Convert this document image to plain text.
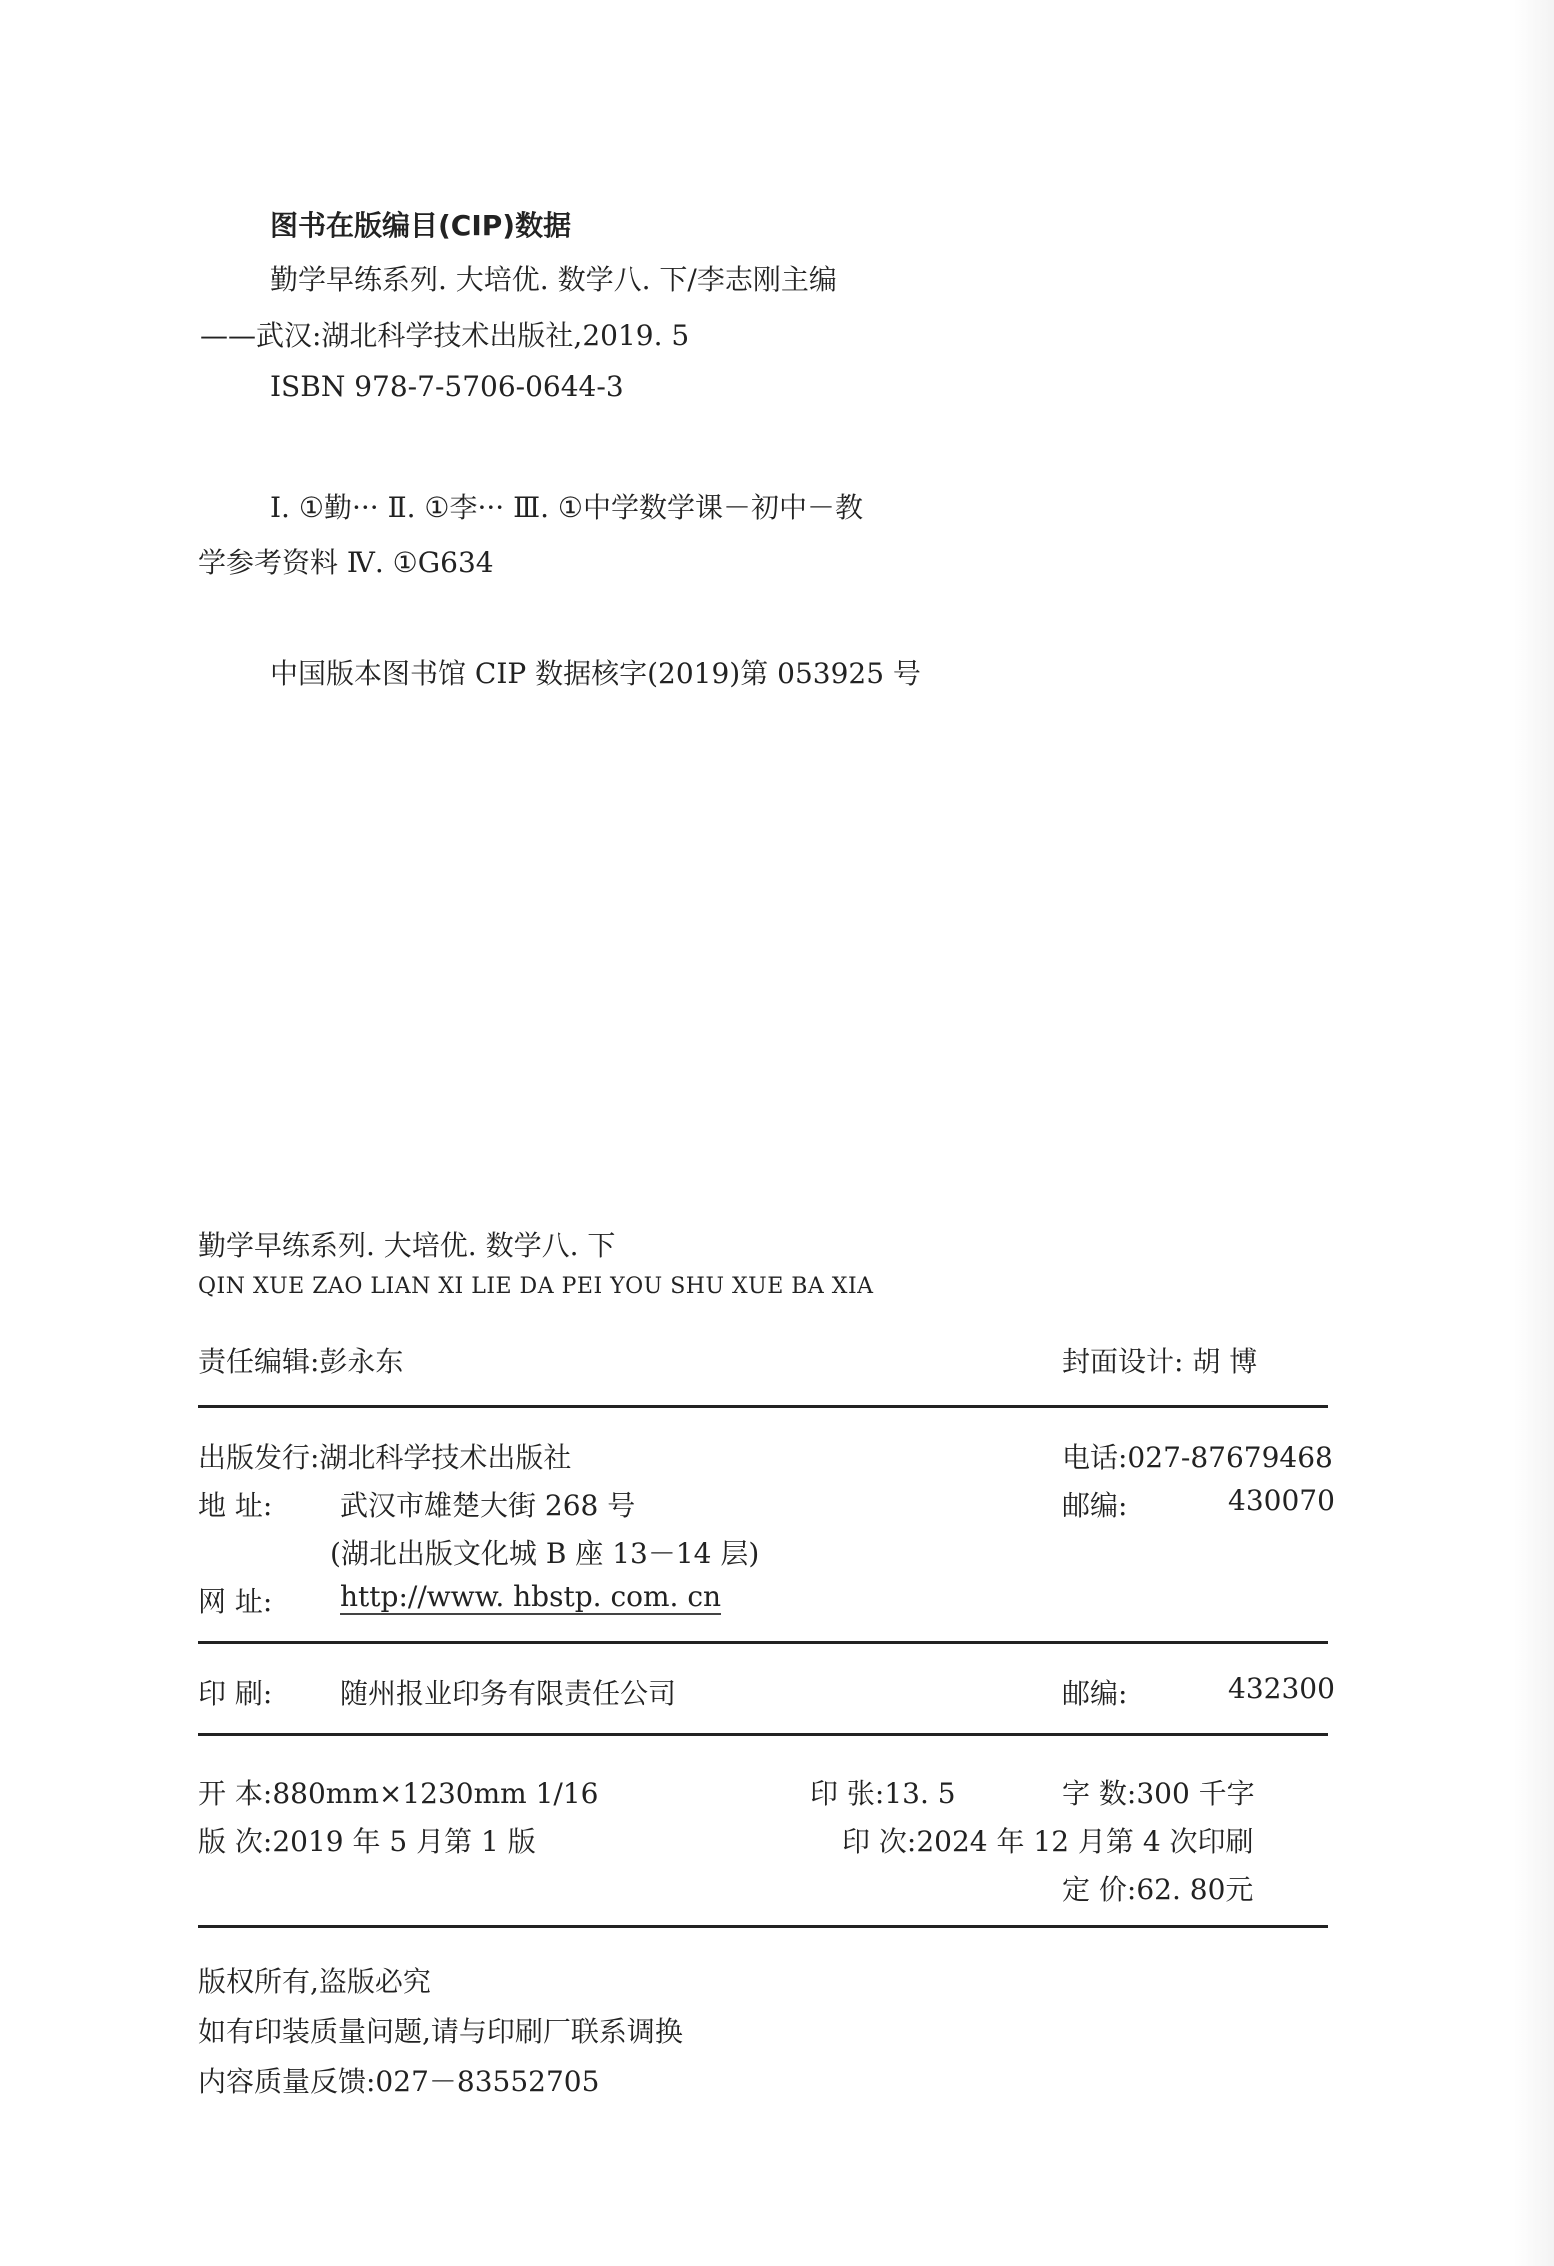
图书在版编目(CIP)数据
勤学早练系列. 大培优. 数学八. 下/李志刚主编
——武汉:湖北科学技术出版社,2019. 5
ISBN 978-7-5706-0644-3
Ⅰ. ①勤··· Ⅱ. ①李··· Ⅲ. ①中学数学课－初中－教
学参考资料 Ⅳ. ①G634
中国版本图书馆 CIP 数据核字(2019)第 053925 号
勤学早练系列. 大培优. 数学八. 下
QIN XUE ZAO LIAN XI LIE DA PEI YOU SHU XUE BA XIA
责任编辑:彭永东	封面设计: 胡 博
出版发行:湖北科学技术出版社	电话:027-87679468
地 址: 武汉市雄楚大街 268 号	邮编:	430070
(湖北出版文化城 B 座 13－14 层)
网 址: http://www. hbstp. com. cn
印 刷: 随州报业印务有限责任公司	邮编:	432300
开 本:880mm×1230mm 1/16	印 张:13. 5	字 数:300 千字
版 次:2019 年 5 月第 1 版	印 次:2024 年 12 月第 4 次印刷
定 价:62. 80元
版权所有,盗版必究
如有印装质量问题,请与印刷厂联系调换
内容质量反馈:027－83552705
